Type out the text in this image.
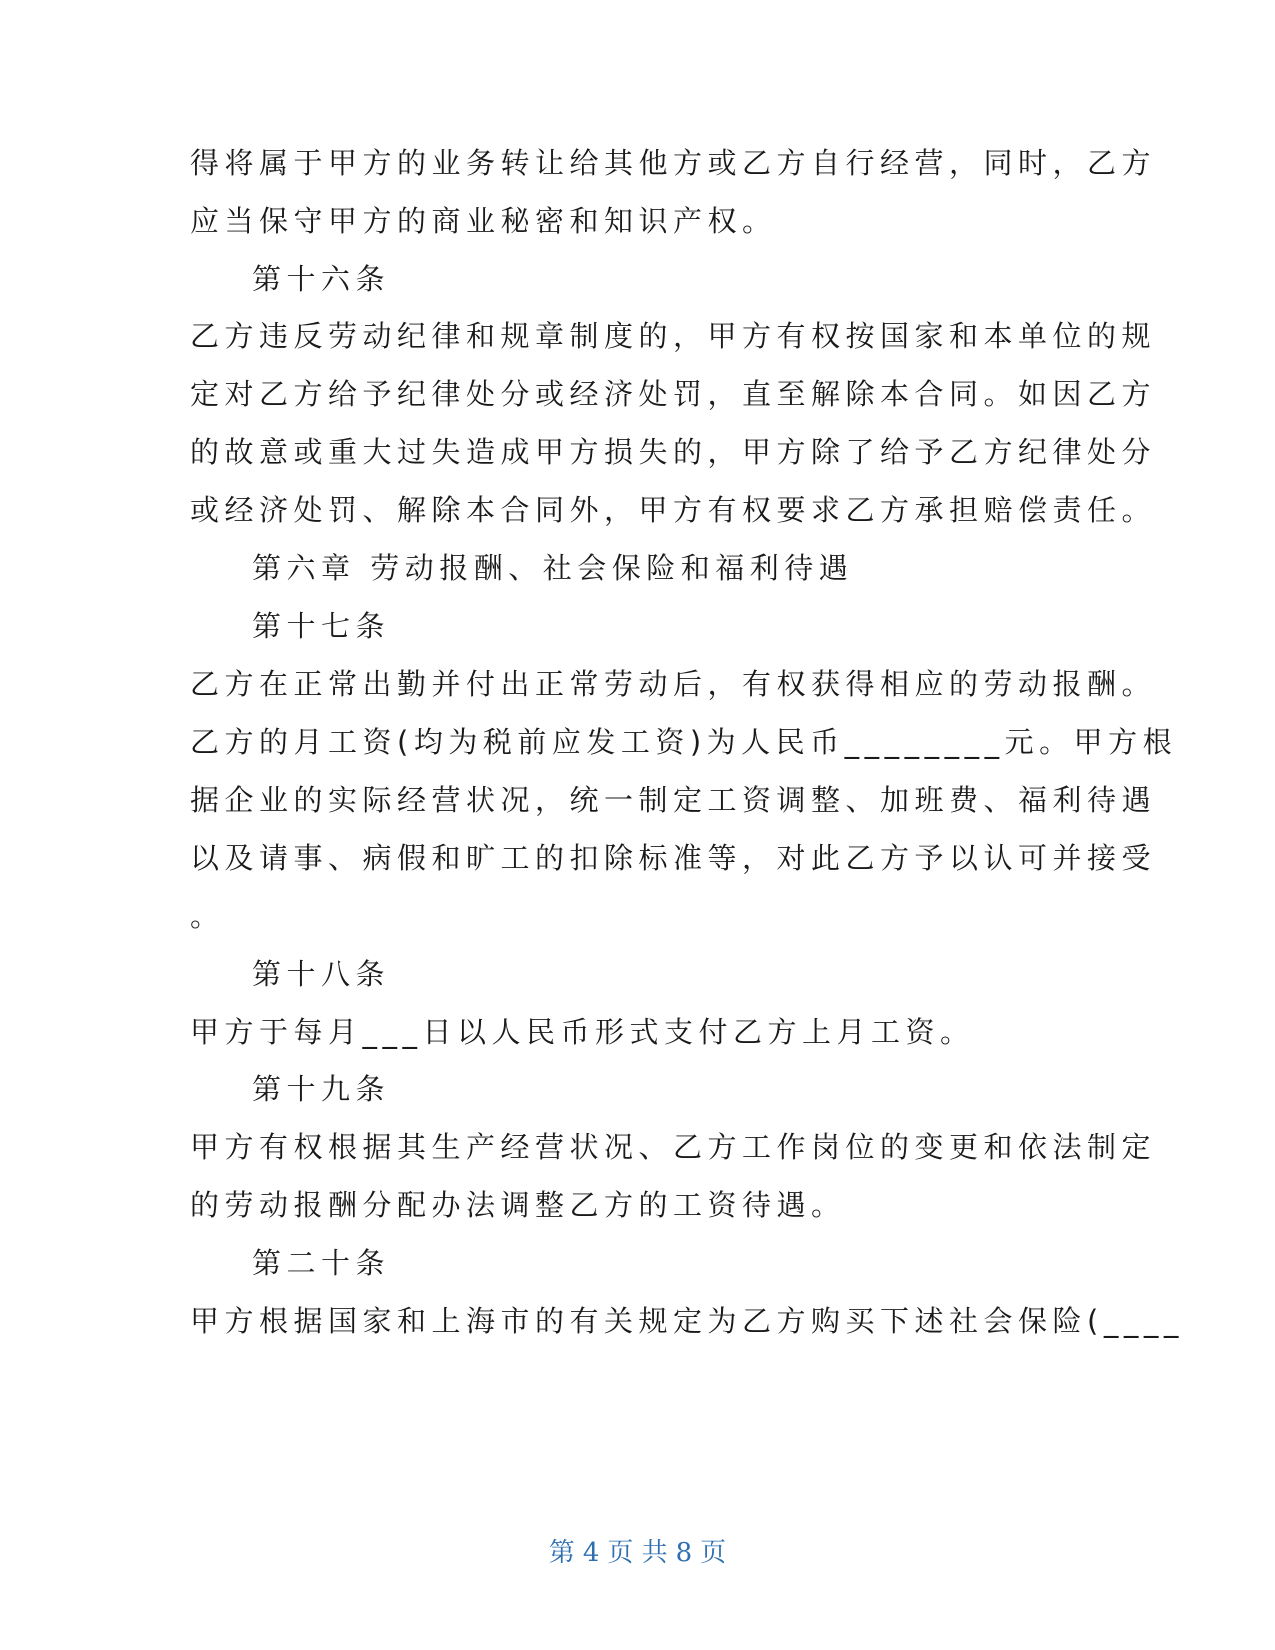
得将属于甲方的业务转让给其他方或乙方自行经营，同时，乙方
应当保守甲方的商业秘密和知识产权。
第十六条
乙方违反劳动纪律和规章制度的，甲方有权按国家和本单位的规
定对乙方给予纪律处分或经济处罚，直至解除本合同。如因乙方
的故意或重大过失造成甲方损失的，甲方除了给予乙方纪律处分
或经济处罚、解除本合同外，甲方有权要求乙方承担赔偿责任。
第六章 劳动报酬、社会保险和福利待遇
第十七条
乙方在正常出勤并付出正常劳动后，有权获得相应的劳动报酬。
乙方的月工资(均为税前应发工资)为人民币________元。甲方根
据企业的实际经营状况，统一制定工资调整、加班费、福利待遇
以及请事、病假和旷工的扣除标准等，对此乙方予以认可并接受
。
第十八条
甲方于每月___日以人民币形式支付乙方上月工资。
第十九条
甲方有权根据其生产经营状况、乙方工作岗位的变更和依法制定
的劳动报酬分配办法调整乙方的工资待遇。
第二十条
甲方根据国家和上海市的有关规定为乙方购买下述社会保险(____
第 4 页 共 8 页
